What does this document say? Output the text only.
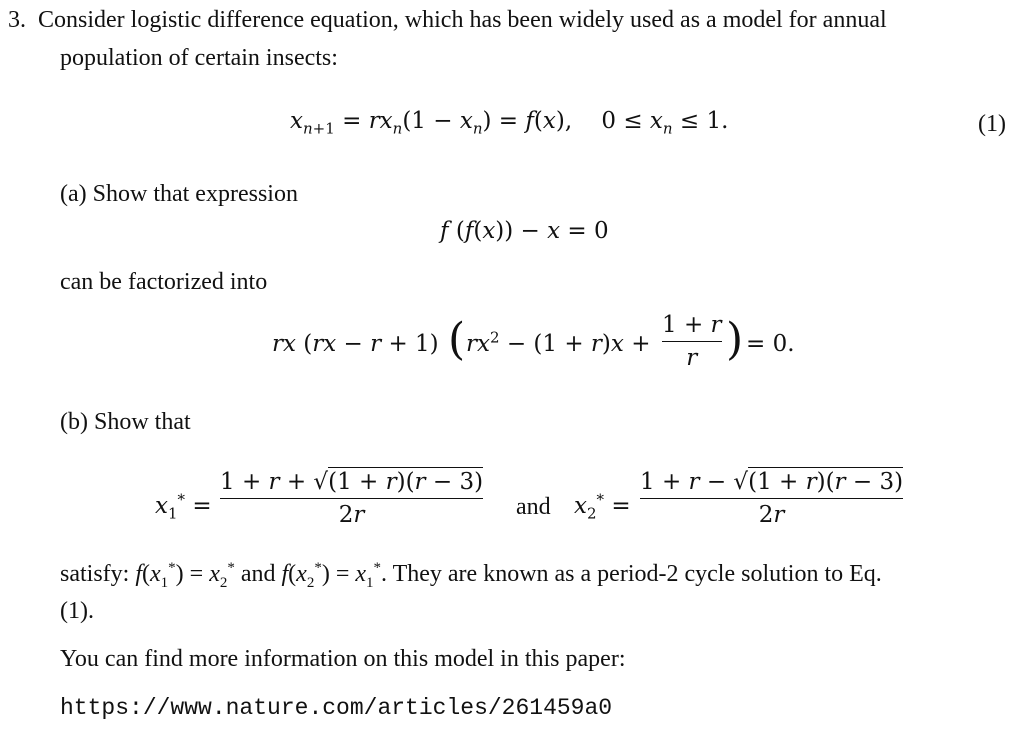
3. Consider logistic difference equation, which has been widely used as a model for annual
population of certain insects:
$x_{n+1} = rx_n(1 - x_n) = f(x)$,    $0 \le x_n \le 1$.	(1)
(a) Show that expression
f (f(x)) − x = 0
can be factorized into
rx (rx − r + 1) ( $rx^2 - (1 + r)x$ +
1 + r
r ) = 0.
(b) Show that
$x_1^*$ =
1 + r + √(1 + r)(r − 3)
2r	and $x_2^*$ =
1 + r − √(1 + r)(r − 3)
2r
satisfy: $f(x_1^*) = x_2^*$ and $f(x_2^*) = x_1^*$. They are known as a period-2 cycle solution to Eq.
(1).
You can find more information on this model in this paper:
https://www.nature.com/articles/261459a0
